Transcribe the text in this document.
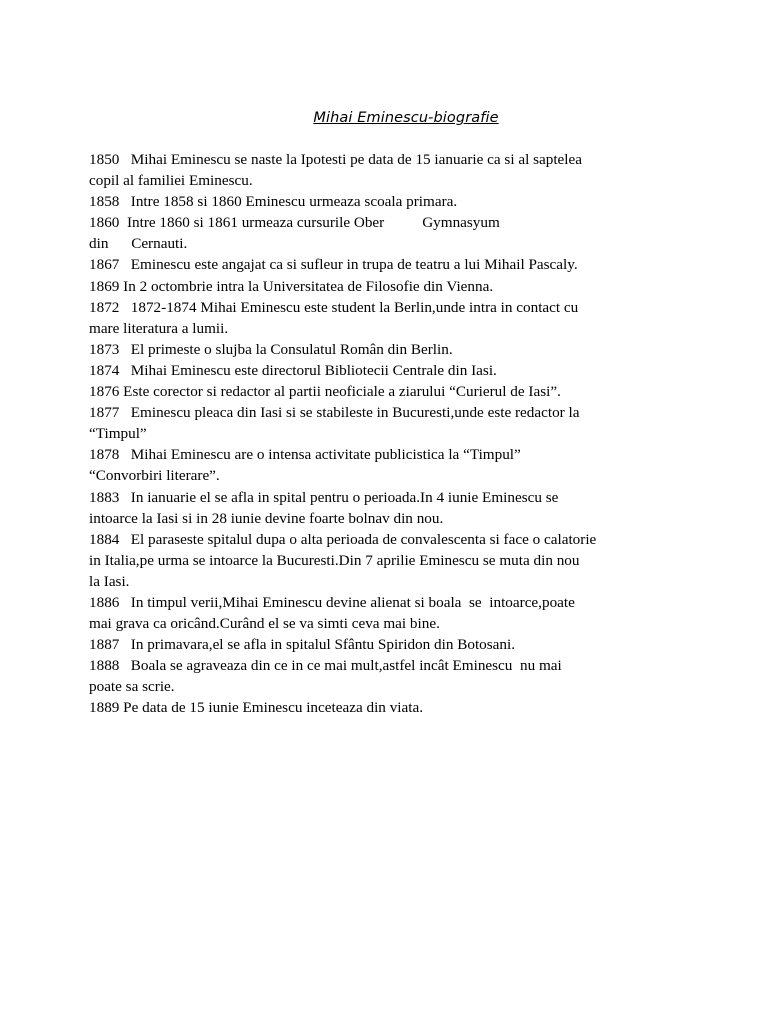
Mihai Eminescu-biografie
1850   Mihai Eminescu se naste la Ipotesti pe data de 15 ianuarie ca si al saptelea
copil al familiei Eminescu.
1858   Intre 1858 si 1860 Eminescu urmeaza scoala primara.
1860  Intre 1860 si 1861 urmeaza cursurile Ober          Gymnasyum
din      Cernauti.
1867   Eminescu este angajat ca si sufleur in trupa de teatru a lui Mihail Pascaly.
1869 In 2 octombrie intra la Universitatea de Filosofie din Vienna.
1872   1872-1874 Mihai Eminescu este student la Berlin,unde intra in contact cu
mare literatura a lumii.
1873   El primeste o slujba la Consulatul Român din Berlin.
1874   Mihai Eminescu este directorul Bibliotecii Centrale din Iasi.
1876 Este corector si redactor al partii neoficiale a ziarului “Curierul de Iasi”.
1877   Eminescu pleaca din Iasi si se stabileste in Bucuresti,unde este redactor la
“Timpul”
1878   Mihai Eminescu are o intensa activitate publicistica la “Timpul”
“Convorbiri literare”.
1883   In ianuarie el se afla in spital pentru o perioada.In 4 iunie Eminescu se
intoarce la Iasi si in 28 iunie devine foarte bolnav din nou.
1884   El paraseste spitalul dupa o alta perioada de convalescenta si face o calatorie
in Italia,pe urma se intoarce la Bucuresti.Din 7 aprilie Eminescu se muta din nou
la Iasi.
1886   In timpul verii,Mihai Eminescu devine alienat si boala  se  intoarce,poate
mai grava ca oricând.Curând el se va simti ceva mai bine.
1887   In primavara,el se afla in spitalul Sfântu Spiridon din Botosani.
1888   Boala se agraveaza din ce in ce mai mult,astfel incât Eminescu  nu mai
poate sa scrie.
1889 Pe data de 15 iunie Eminescu inceteaza din viata.
